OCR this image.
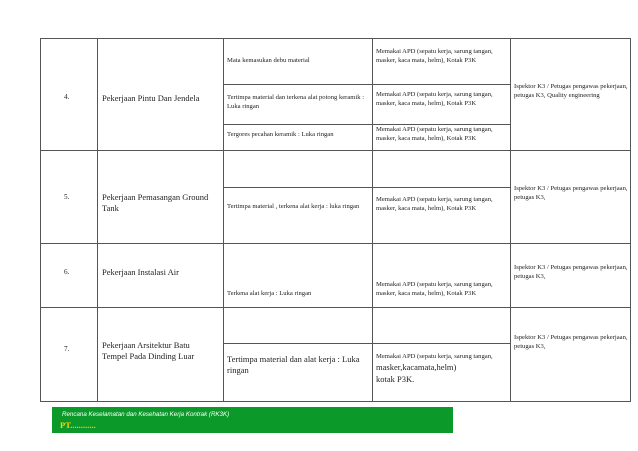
4.	Pekerjaan Pintu Dan Jendela	Mata kemasukan debu material	Memakai APD (sepatu kerja, sarung tangan, masker, kaca mata, helm), Kotak P3K	Ispektor K3 / Petugas pengawas pekerjaan, petugas K3, Quality engineering

		Tertimpa material dan terkena alat potong keramik : Luka ringan	Memakai APD (sepatu kerja, sarung tangan, masker, kaca mata, helm), Kotak P3K	

		Tergores pecahan keramik : Luka ringan	Memakai APD (sepatu kerja, sarung tangan, masker, kaca mata, helm), Kotak P3K	

5.	Pekerjaan Pemasangan Ground Tank			Ispektor K3 / Petugas pengawas pekerjaan, petugas K3,

		Tertimpa material , terkena alat kerja : luka ringan	Memakai APD (sepatu kerja, sarung tangan, masker, kaca mata, helm), Kotak P3K	

6.	Pekerjaan Instalasi Air	Terkena alat kerja : Luka ringan	Memakai APD (sepatu kerja, sarung tangan, masker, kaca mata, helm), Kotak P3K	Ispektor K3 / Petugas pengawas pekerjaan, petugas K3,

7.	Pekerjaan Arsitektur Batu Tempel Pada Dinding Luar			Ispektor K3 / Petugas pengawas pekerjaan, petugas K3,

		Tertimpa material dan alat kerja : Luka ringan	Memakai APD (sepatu kerja, sarung tangan, masker,kacamata,helm)
kotak P3K.	
Rencana Keselamatan dan Kesehatan Kerja Kontrak (RK3K)
PT............
